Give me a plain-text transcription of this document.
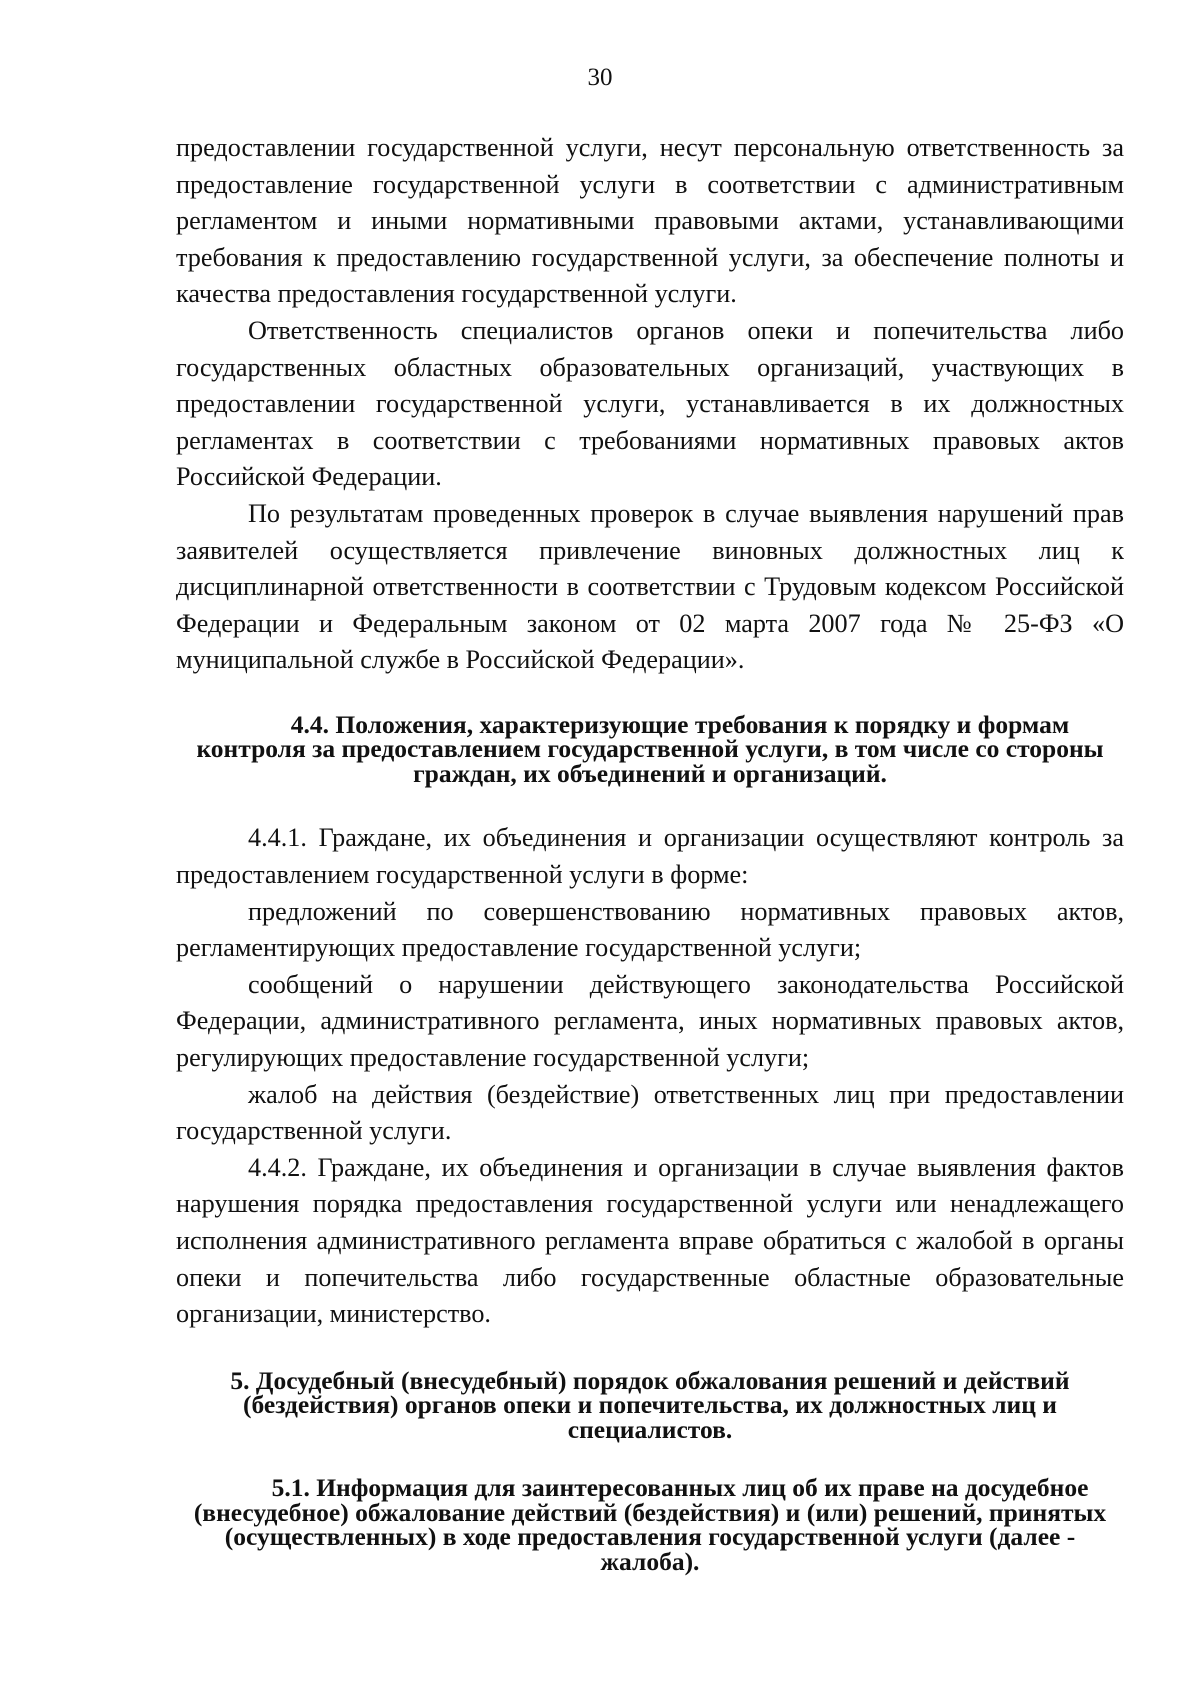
30

предоставлении государственной услуги, несут персональную ответственность за предоставление государственной услуги в соответствии с административным регламентом и иными нормативными правовыми актами, устанавливающими требования к предоставлению государственной услуги, за обеспечение полноты и качества предоставления государственной услуги.

Ответственность специалистов органов опеки и попечительства либо государственных областных образовательных организаций, участвующих в предоставлении государственной услуги, устанавливается в их должностных регламентах в соответствии с требованиями нормативных правовых актов Российской Федерации.

По результатам проведенных проверок в случае выявления нарушений прав заявителей осуществляется привлечение виновных должностных лиц к дисциплинарной ответственности в соответствии с Трудовым кодексом Российской Федерации и Федеральным законом от 02 марта 2007 года № 25-ФЗ «О муниципальной службе в Российской Федерации».

4.4. Положения, характеризующие требования к порядку и формам контроля за предоставлением государственной услуги, в том числе со стороны граждан, их объединений и организаций.

4.4.1. Граждане, их объединения и организации осуществляют контроль за предоставлением государственной услуги в форме:

предложений по совершенствованию нормативных правовых актов, регламентирующих предоставление государственной услуги;

сообщений о нарушении действующего законодательства Российской Федерации, административного регламента, иных нормативных правовых актов, регулирующих предоставление государственной услуги;

жалоб на действия (бездействие) ответственных лиц при предоставлении государственной услуги.

4.4.2. Граждане, их объединения и организации в случае выявления фактов нарушения порядка предоставления государственной услуги или ненадлежащего исполнения административного регламента вправе обратиться с жалобой в органы опеки и попечительства либо государственные областные образовательные организации, министерство.

5. Досудебный (внесудебный) порядок обжалования решений и действий (бездействия) органов опеки и попечительства, их должностных лиц и специалистов.

5.1. Информация для заинтересованных лиц об их праве на досудебное (внесудебное) обжалование действий (бездействия) и (или) решений, принятых (осуществленных) в ходе предоставления государственной услуги (далее - жалоба).
